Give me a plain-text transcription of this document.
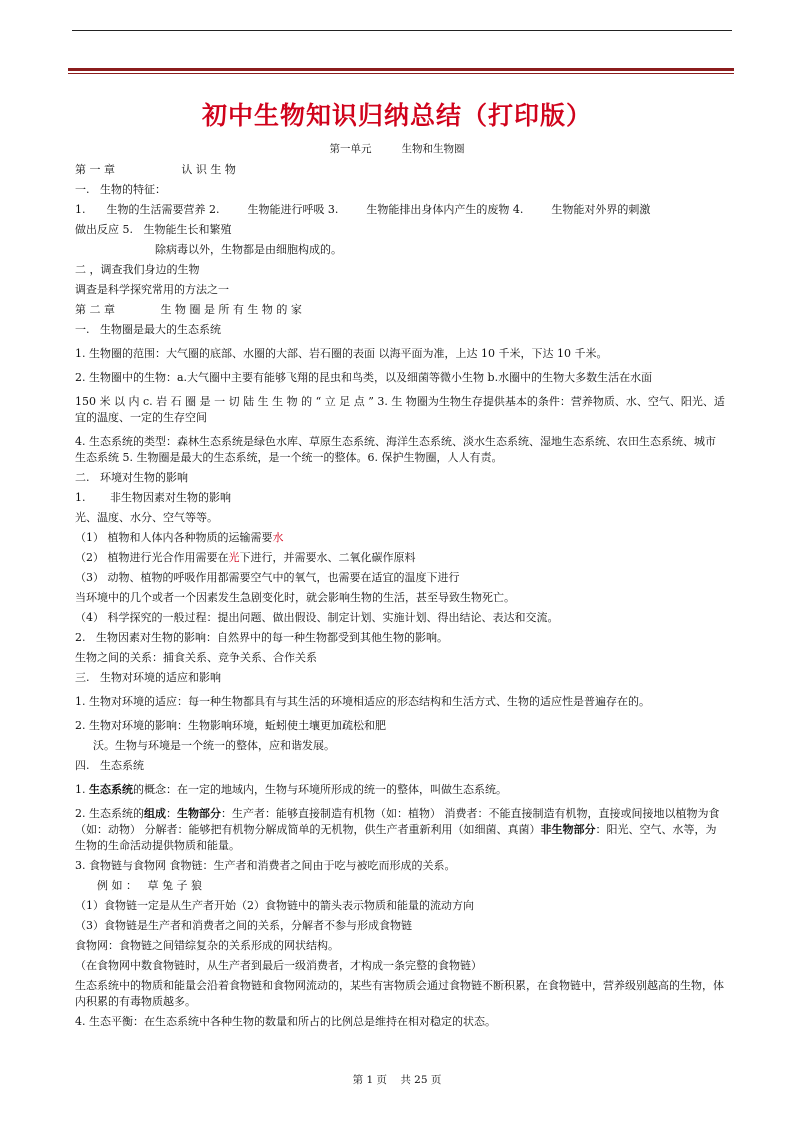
初中生物知识归纳总结（打印版）
第一单元	生物和生物圈
第 一 章                   认 识 生 物
一.   生物的特征：
1.      生物的生活需要营养 2.        生物能进行呼吸 3.        生物能排出身体内产生的废物 4.        生物能对外界的刺激
做出反应 5.   生物能生长和繁殖
除病毒以外，生物都是由细胞构成的。
二 ，调查我们身边的生物
调查是科学探究常用的方法之一
第 二 章             生 物 圈 是 所 有 生 物 的 家
一.   生物圈是最大的生态系统
1. 生物圈的范围：大气圈的底部、水圈的大部、岩石圈的表面 以海平面为准，上达 10 千米，下达 10 千米。
2. 生物圈中的生物：a.大气圈中主要有能够飞翔的昆虫和鸟类，以及细菌等微小生物 b.水圈中的生物大多数生活在水面
150 米 以 内 c. 岩 石 圈 是 一 切 陆 生 生 物 的 “ 立 足 点 ” 3. 生 物圈为生物生存提供基本的条件：营养物质、水、空气、阳光、适宜的温度、一定的生存空间
4. 生态系统的类型：森林生态系统是绿色水库、草原生态系统、海洋生态系统、淡水生态系统、湿地生态系统、农田生态系统、城市生态系统 5. 生物圈是最大的生态系统，是一个统一的整体。6. 保护生物圈，人人有责。
二.   环境对生物的影响
1.       非生物因素对生物的影响
光、温度、水分、空气等等。
（1） 植物和人体内各种物质的运输需要水
（2） 植物进行光合作用需要在光下进行，并需要水、二氧化碳作原料
（3） 动物、植物的呼吸作用都需要空气中的氧气，也需要在适宜的温度下进行
当环境中的几个或者一个因素发生急剧变化时，就会影响生物的生活，甚至导致生物死亡。
（4） 科学探究的一般过程：提出问题、做出假设、制定计划、实施计划、得出结论、表达和交流。
2.   生物因素对生物的影响：自然界中的每一种生物都受到其他生物的影响。
生物之间的关系：捕食关系、竞争关系、合作关系
三.   生物对环境的适应和影响
1. 生物对环境的适应：每一种生物都具有与其生活的环境相适应的形态结构和生活方式、生物的适应性是普遍存在的。
2. 生物对环境的影响：生物影响环境，蚯蚓使土壤更加疏松和肥
沃。生物与环境是一个统一的整体，应和谐发展。
四.   生态系统
1. 生态系统的概念：在一定的地域内，生物与环境所形成的统一的整体，叫做生态系统。
2. 生态系统的组成：生物部分：生产者：能够直接制造有机物（如：植物） 消费者：不能直接制造有机物，直接或间接地以植物为食（如：动物） 分解者：能够把有机物分解成简单的无机物，供生产者重新利用（如细菌、真菌）非生物部分：阳光、空气、水等，为生物的生命活动提供物质和能量。
3. 食物链与食物网 食物链：生产者和消费者之间由于吃与被吃而形成的关系。
例 如 ：   草 兔 子 狼
（1）食物链一定是从生产者开始（2）食物链中的箭头表示物质和能量的流动方向
（3）食物链是生产者和消费者之间的关系，分解者不参与形成食物链
食物网：食物链之间错综复杂的关系形成的网状结构。
（在食物网中数食物链时，从生产者到最后一级消费者，才构成一条完整的食物链）
生态系统中的物质和能量会沿着食物链和食物网流动的，某些有害物质会通过食物链不断积累，在食物链中，营养级别越高的生物，体内积累的有毒物质越多。
4. 生态平衡：在生态系统中各种生物的数量和所占的比例总是维持在相对稳定的状态。
第 1 页 共 25 页
